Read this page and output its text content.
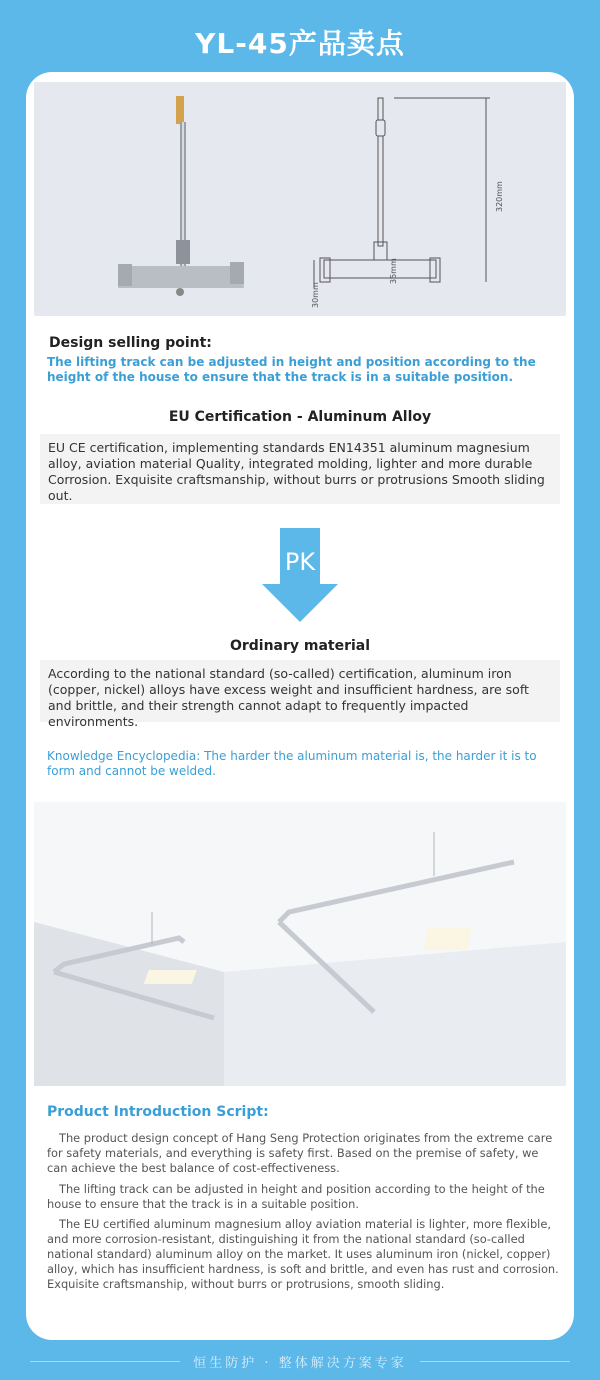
YL-45产品卖点
320mm
30mm
35mm
Design selling point:
The lifting track can be adjusted in height and position according to the height of the house to ensure that the track is in a suitable position.
EU Certification - Aluminum Alloy
EU CE certification, implementing standards EN14351 aluminum magnesium alloy, aviation material Quality, integrated molding, lighter and more durable Corrosion. Exquisite craftsmanship, without burrs or protrusions Smooth sliding out.
PK
Ordinary material
According to the national standard (so-called) certification, aluminum iron (copper, nickel) alloys have excess weight and insufficient hardness, are soft and brittle, and their strength cannot adapt to frequently impacted environments.
Knowledge Encyclopedia: The harder the aluminum material is, the harder it is to form and cannot be welded.
Product Introduction Script:

The product design concept of Hang Seng Protection originates from the extreme care for safety materials, and everything is safety first. Based on the premise of safety, we can achieve the best balance of cost-effectiveness.

The lifting track can be adjusted in height and position according to the height of the house to ensure that the track is in a suitable position.

The EU certified aluminum magnesium alloy aviation material is lighter, more flexible, and more corrosion-resistant, distinguishing it from the national standard (so-called national standard) aluminum alloy on the market. It uses aluminum iron (nickel, copper) alloy, which has insufficient hardness, is soft and brittle, and even has rust and corrosion. Exquisite craftsmanship, without burrs or protrusions, smooth sliding.

恒生防护 · 整体解决方案专家
